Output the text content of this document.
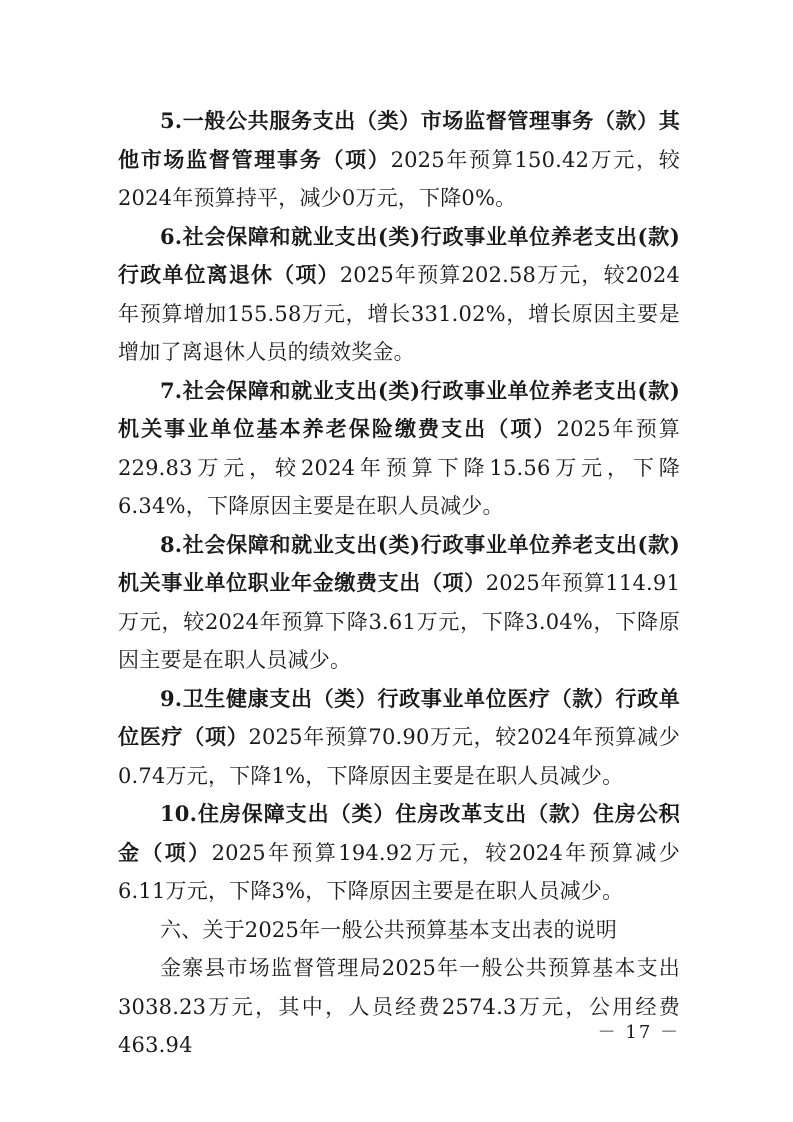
5.一般公共服务支出（类）市场监督管理事务（款）其他市场监督管理事务（项）2025年预算150.42万元，较2024年预算持平，减少0万元，下降0%。

6.社会保障和就业支出(类)行政事业单位养老支出(款)行政单位离退休（项）2025年预算202.58万元，较2024年预算增加155.58万元，增长331.02%，增长原因主要是增加了离退休人员的绩效奖金。

7.社会保障和就业支出(类)行政事业单位养老支出(款)机关事业单位基本养老保险缴费支出（项）2025年预算229.83万元，较2024年预算下降15.56万元，下降6.34%，下降原因主要是在职人员减少。

8.社会保障和就业支出(类)行政事业单位养老支出(款)机关事业单位职业年金缴费支出（项）2025年预算114.91万元，较2024年预算下降3.61万元，下降3.04%，下降原因主要是在职人员减少。

9.卫生健康支出（类）行政事业单位医疗（款）行政单位医疗（项）2025年预算70.90万元，较2024年预算减少0.74万元，下降1%，下降原因主要是在职人员减少。

10.住房保障支出（类）住房改革支出（款）住房公积金（项）2025年预算194.92万元，较2024年预算减少6.11万元，下降3%，下降原因主要是在职人员减少。

六、关于2025年一般公共预算基本支出表的说明

金寨县市场监督管理局2025年一般公共预算基本支出3038.23万元，其中，人员经费2574.3万元，公用经费463.94

－ 17 －
